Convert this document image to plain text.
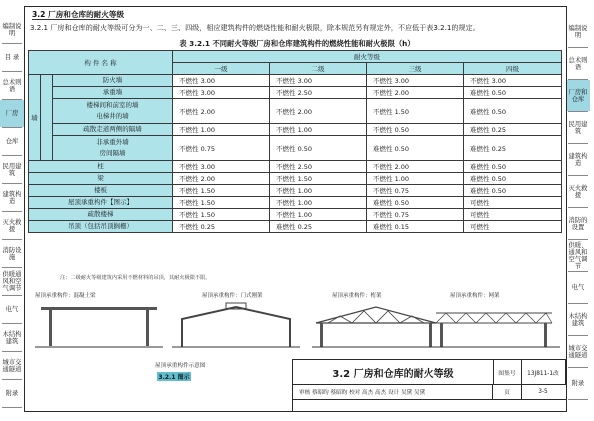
编制说明
目 录
总术则语
厂房
仓库
民用建筑
建筑构造
灭火救援
消防设施
供暖通风和空气调节
电气
木结构建筑
城市交通隧道
附录
编制说明
总术则语
厂房和仓库
民用建筑
建筑构造
灭火救援
消防的设置
供暖、通风和空气调节
电气
木结构建筑
城市交通隧道
附录
3.2 厂房和仓库的耐火等级
3.2.1 厂房和仓库的耐火等级可分为一、二、三、四级，相应建筑构件的燃烧性能和耐火极限，除本规范另有规定外，不应低于表3.2.1的规定。
表 3.2.1 不同耐火等级厂房和仓库建筑构件的燃烧性能和耐火极限（h）
构 件 名 称			耐火等级			
			一级	二级	三级	四级
墙		防火墙	不燃性 3.00	不燃性 3.00	不燃性 3.00	不燃性 3.00
		承重墙	不燃性 3.00	不燃性 2.50	不燃性 2.00	难燃性 0.50
		楼梯间和前室的墙
电梯井的墙	不燃性 2.00	不燃性 2.00	不燃性 1.50	难燃性 0.50
		疏散走道两侧的隔墙	不燃性 1.00	不燃性 1.00	不燃性 0.50	难燃性 0.25
		非承重外墙
房间隔墙	不燃性 0.75	不燃性 0.50	难燃性 0.50	难燃性 0.25
柱			不燃性 3.00	不燃性 2.50	不燃性 2.00	难燃性 0.50
梁			不燃性 2.00	不燃性 1.50	不燃性 1.00	难燃性 0.50
楼板			不燃性 1.50	不燃性 1.00	不燃性 0.75	难燃性 0.50
屋顶承重构件【图示】			不燃性 1.50	不燃性 1.00	难燃性 0.50	可燃性
疏散楼梯			不燃性 1.50	不燃性 1.00	不燃性 0.75	可燃性
吊顶（包括吊顶搁栅）			不燃性 0.25	难燃性 0.25	难燃性 0.15	可燃性
注：二级耐火等级建筑内采用不燃材料的吊顶，其耐火极限不限。
屋顶承重构件：混凝土梁	屋顶承重构件：门式刚架	屋顶承重构件：桁架	屋顶承重构件：网架
屋顶承重构件示意图
3.2.1 图示	3.2 厂房和仓库的耐火等级	图集号	13J811-1改
审核 蔡昭昀 蔡昭昀 校对 高杰 高杰 设计 吴黛 吴黛	页	3-5
